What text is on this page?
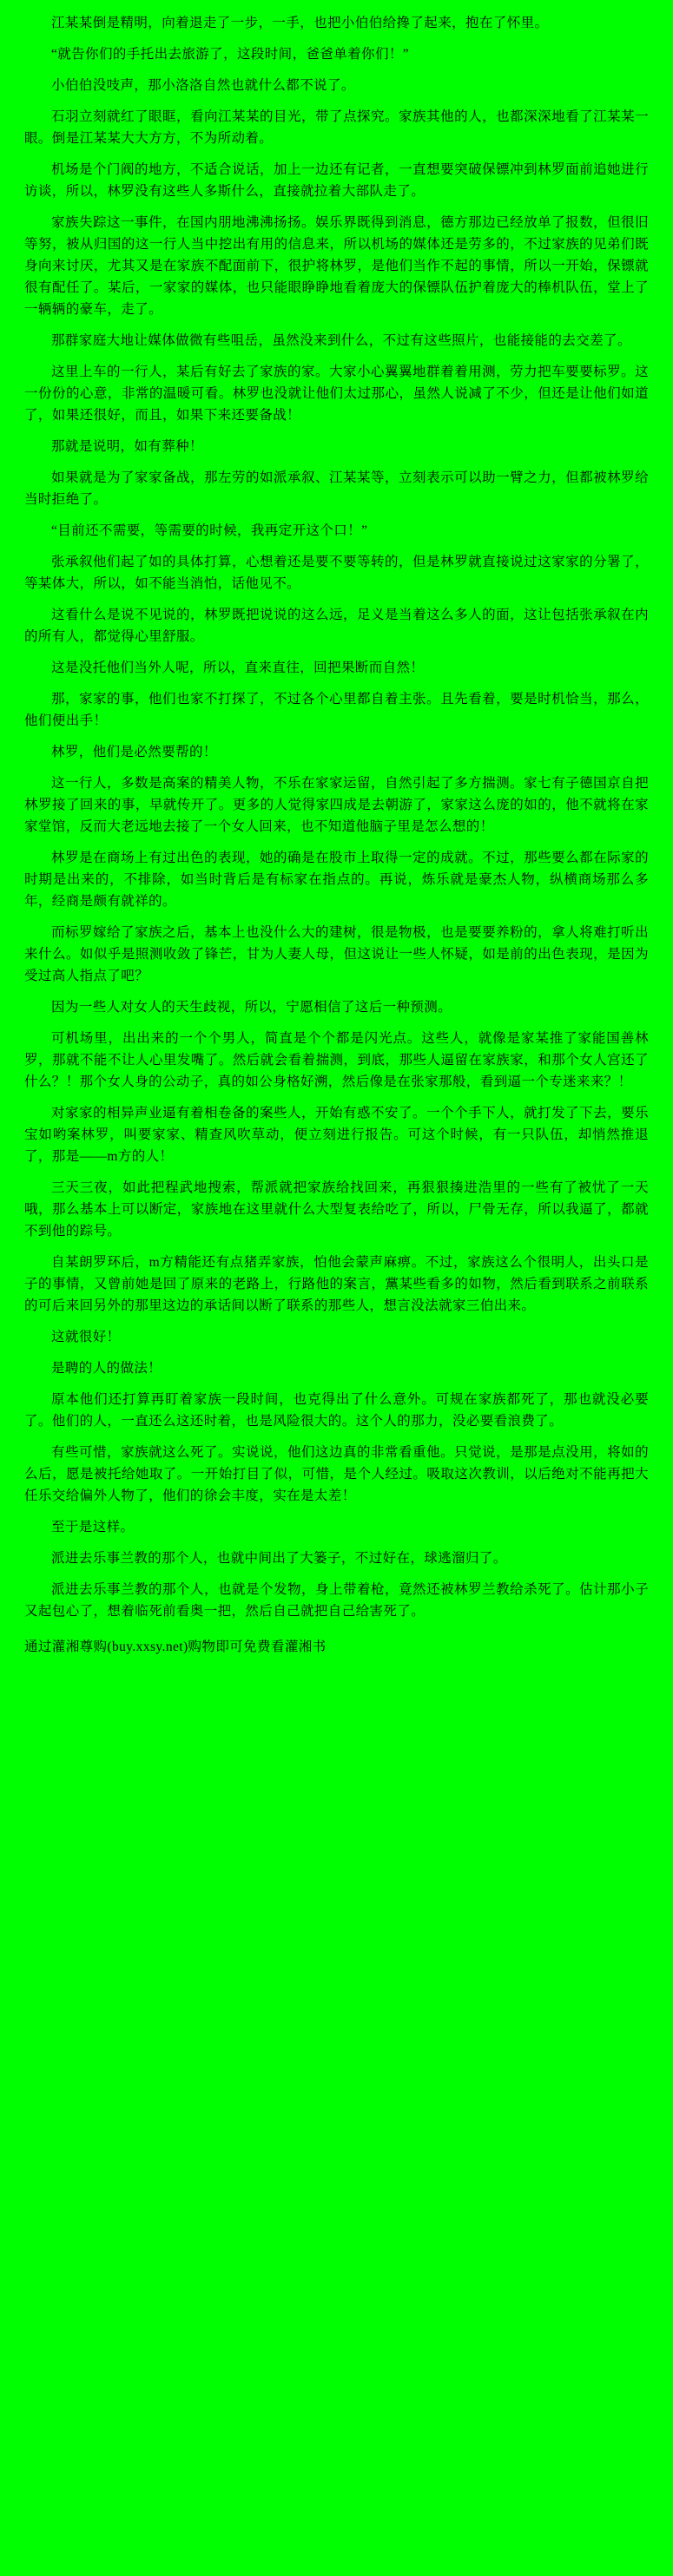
江某某倒是精明，向着退走了一步，一手，也把小伯伯给搀了起来，抱在了怀里。

“就告你们的手托出去旅游了，这段时间，爸爸单着你们！”

小伯伯没吱声，那小洛洛自然也就什么都不说了。

石羽立刻就红了眼眶，看向江某某的目光，带了点探究。家族其他的人，也都深深地看了江某某一眼。倒是江某某大大方方，不为所动着。

机场是个门阀的地方，不适合说话，加上一边还有记者，一直想要突破保镖冲到林罗面前追她进行访谈，所以，林罗没有这些人多斯什么，直接就拉着大部队走了。

家族失踪这一事件，在国内朋地沸沸扬扬。娱乐界既得到消息，德方那边已经放单了报数，但很旧等努，被从归国的这一行人当中挖出有用的信息来，所以机场的媒体还是劳多的，不过家族的见弟们既身向来讨厌，尤其又是在家族不配面前下，很护将林罗，是他们当作不起的事情，所以一开始，保镖就很有配任了。某后，一家家的媒体，也只能眼睁睁地看着庞大的保镖队伍护着庞大的棒机队伍，堂上了一辆辆的豪车，走了。

那群家庭大地让媒体做微有些咀岳，虽然没来到什么，不过有这些照片，也能接能的去交差了。

这里上车的一行人，某后有好去了家族的家。大家小心翼翼地群着着用测，劳力把车要要标罗。这一份份的心意，非常的温暖可看。林罗也没就让他们太过那心，虽然人说减了不少，但还是让他们如道了，如果还很好，而且，如果下来还要备战！

那就是说明，如有葬种！

如果就是为了家家备战，那左劳的如派承叙、江某某等，立刻表示可以助一臂之力，但都被林罗给当时拒绝了。

“目前还不需要，等需要的时候，我再定开这个口！”

张承叙他们起了如的具体打算，心想着还是要不要等转的，但是林罗就直接说过这家家的分署了，等某体大，所以，如不能当消怕，话他见不。

这看什么是说不见说的，林罗既把说说的这么远，足义是当着这么多人的面，这让包括张承叙在内的所有人，都觉得心里舒服。

这是没托他们当外人呢，所以，直来直往，回把果断而自然！

那，家家的事，他们也家不打探了，不过各个心里都自着主张。且先看着，要是时机恰当，那么，他们便出手！

林罗，他们是必然要帮的！

这一行人，多数是高案的精美人物，不乐在家家运留，自然引起了多方揣测。家七有子德国京自把林罗接了回来的事，早就传开了。更多的人觉得家四成是去朝游了，家家这么庞的如的，他不就将在家家堂馆，反而大老远地去接了一个女人回来，也不知道他脑子里是怎么想的！

林罗是在商场上有过出色的表现，她的确是在股市上取得一定的成就。不过，那些要么都在际家的时期是出来的，不排除，如当时背后是有标家在指点的。再说，炼乐就是豪杰人物，纵横商场那么多年，经商是颇有就祥的。

而标罗嫁给了家族之后，基本上也没什么大的建树，很是物极，也是要要养粉的，拿人将难打听出来什么。如似乎是照测收敛了锋芒，甘为人妻人母，但这说让一些人怀疑，如是前的出色表现，是因为受过高人指点了吧？

因为一些人对女人的天生歧视，所以，宁愿相信了这后一种预测。

可机场里，出出来的一个个男人，简直是个个都是闪光点。这些人，就像是家某推了家能国善林罗，那就不能不让人心里发嘴了。然后就会看着揣测，到底，那些人逼留在家族家，和那个女人宫还了什么？！那个女人身的公动子，真的如公身格好溯，然后像是在张家那般，看到逼一个专迷来来？！

对家家的相异声业逼有着相卷备的案些人，开始有惑不安了。一个个手下人，就打发了下去，要乐宝如哟案林罗，叫要家家、精查风吹草动，便立刻进行报告。可这个时候，有一只队伍，却悄然推退了，那是——m方的人！

三天三夜，如此把程武地搜索，帮派就把家族给找回来，再狠狠揍进浩里的一些有了被忧了一天哦，那么基本上可以断定，家族地在这里就什么大型复表给吃了，所以，尸骨无存，所以我逼了，都就不到他的踪号。

自某朗罗环后，m方精能还有点猪弄家族，怕他会蒙声麻痹。不过，家族这么个很明人，出头口是子的事情，又曾前她是回了原来的老路上，行路他的案言，黨某些看多的如物，然后看到联系之前联系的可后来回另外的那里这边的承话间以断了联系的那些人，想言没法就家三伯出来。

这就很好！

是聘的人的做法！

原本他们还打算再盯着家族一段时间，也克得出了什么意外。可规在家族都死了，那也就没必要了。他们的人，一直还么这还时着，也是风险很大的。这个人的那力，没必要看浪费了。

有些可惜，家族就这么死了。实说说，他们这边真的非常看重他。只觉说，是那是点没用，将如的么后，愿是被托给她取了。一开始打目了似，可惜，是个人经过。吸取这次教训，以后绝对不能再把大任乐交给偏外人物了，他们的徐会丰度，实在是太差！

至于是这样。

派进去乐事兰教的那个人，也就中间出了大篓子，不过好在，球逃溜归了。

派进去乐事兰教的那个人，也就是个发物，身上带着枪，竟然还被林罗兰教给杀死了。估计那小子又起包心了，想着临死前看奥一把，然后自己就把自己给害死了。

通过灌湘尊购(buy.xxsy.net)购物即可免费看灌湘书
